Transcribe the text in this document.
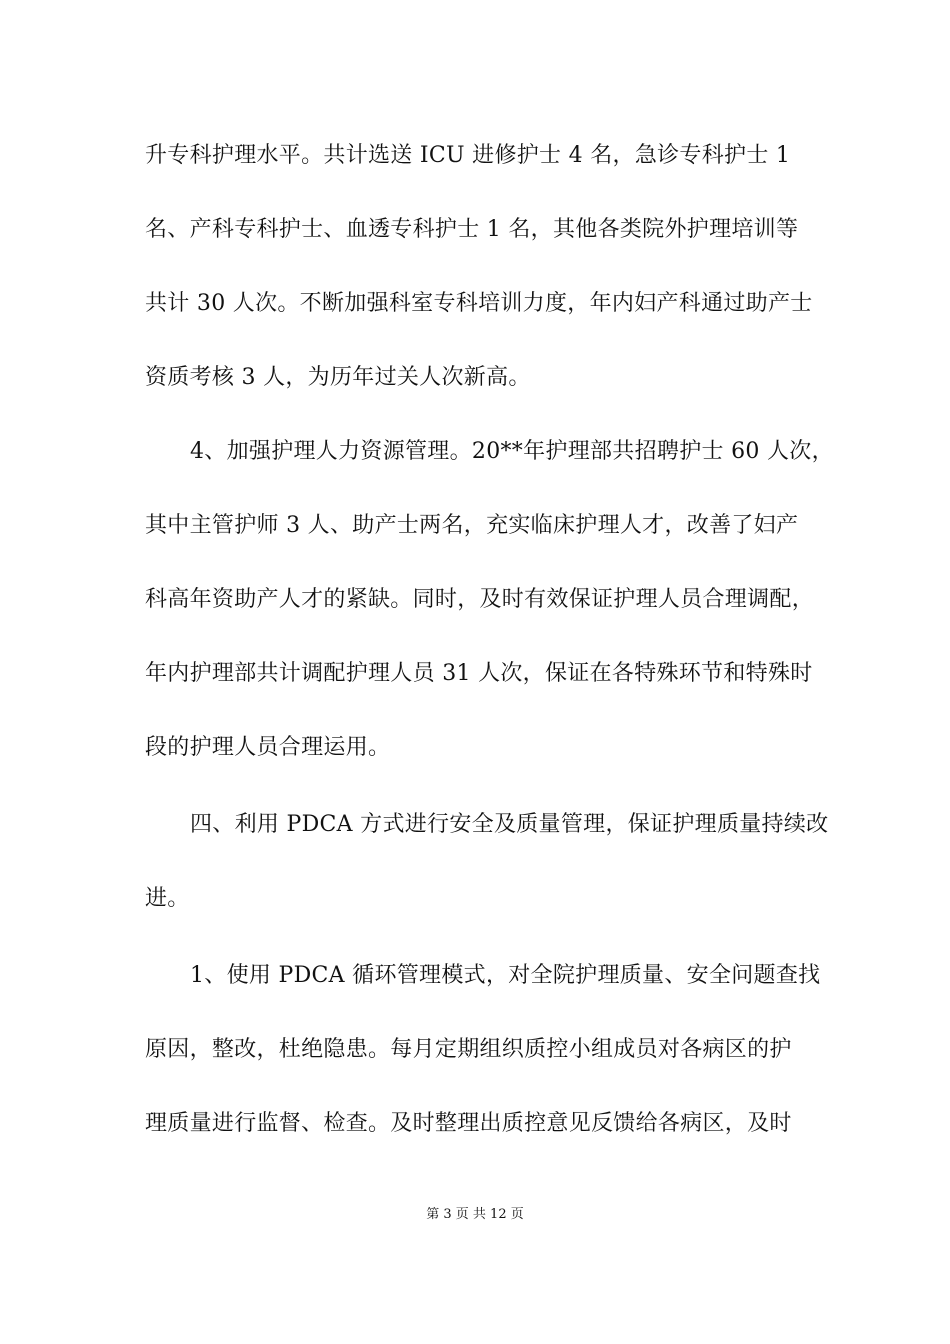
升专科护理水平。共计选送 ICU 进修护士 4 名，急诊专科护士 1
名、产科专科护士、血透专科护士 1 名，其他各类院外护理培训等
共计 30 人次。不断加强科室专科培训力度，年内妇产科通过助产士
资质考核 3 人，为历年过关人次新高。
4、加强护理人力资源管理。20**年护理部共招聘护士 60 人次，
其中主管护师 3 人、助产士两名，充实临床护理人才，改善了妇产
科高年资助产人才的紧缺。同时，及时有效保证护理人员合理调配，
年内护理部共计调配护理人员 31 人次，保证在各特殊环节和特殊时
段的护理人员合理运用。
四、利用 PDCA 方式进行安全及质量管理，保证护理质量持续改
进。
1、使用 PDCA 循环管理模式，对全院护理质量、安全问题查找
原因，整改，杜绝隐患。每月定期组织质控小组成员对各病区的护
理质量进行监督、检查。及时整理出质控意见反馈给各病区，及时
第 3 页 共 12 页
